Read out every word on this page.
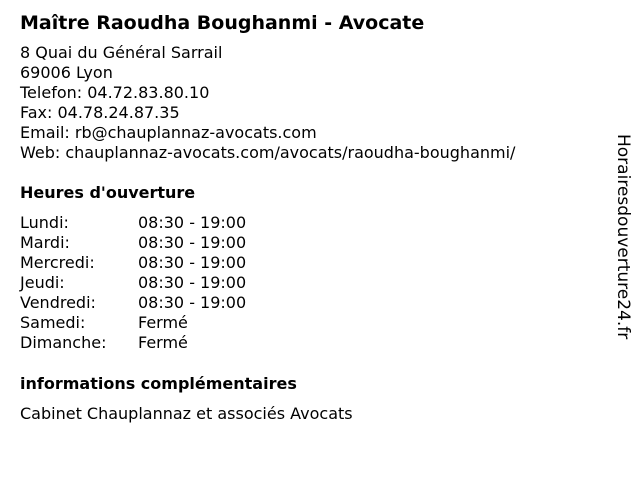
Maître Raoudha Boughanmi - Avocate
8 Quai du Général Sarrail
69006 Lyon
Telefon: 04.72.83.80.10
Fax: 04.78.24.87.35
Email: rb@chauplannaz-avocats.com
Web: chauplannaz-avocats.com/avocats/raoudha-boughanmi/
Heures d'ouverture
Lundi:	08:30 - 19:00
Mardi:	08:30 - 19:00
Mercredi:	08:30 - 19:00
Jeudi:	08:30 - 19:00
Vendredi:	08:30 - 19:00
Samedi:	Fermé
Dimanche:	Fermé
informations complémentaires
Cabinet Chauplannaz et associés Avocats
Horairesdouverture24.fr
